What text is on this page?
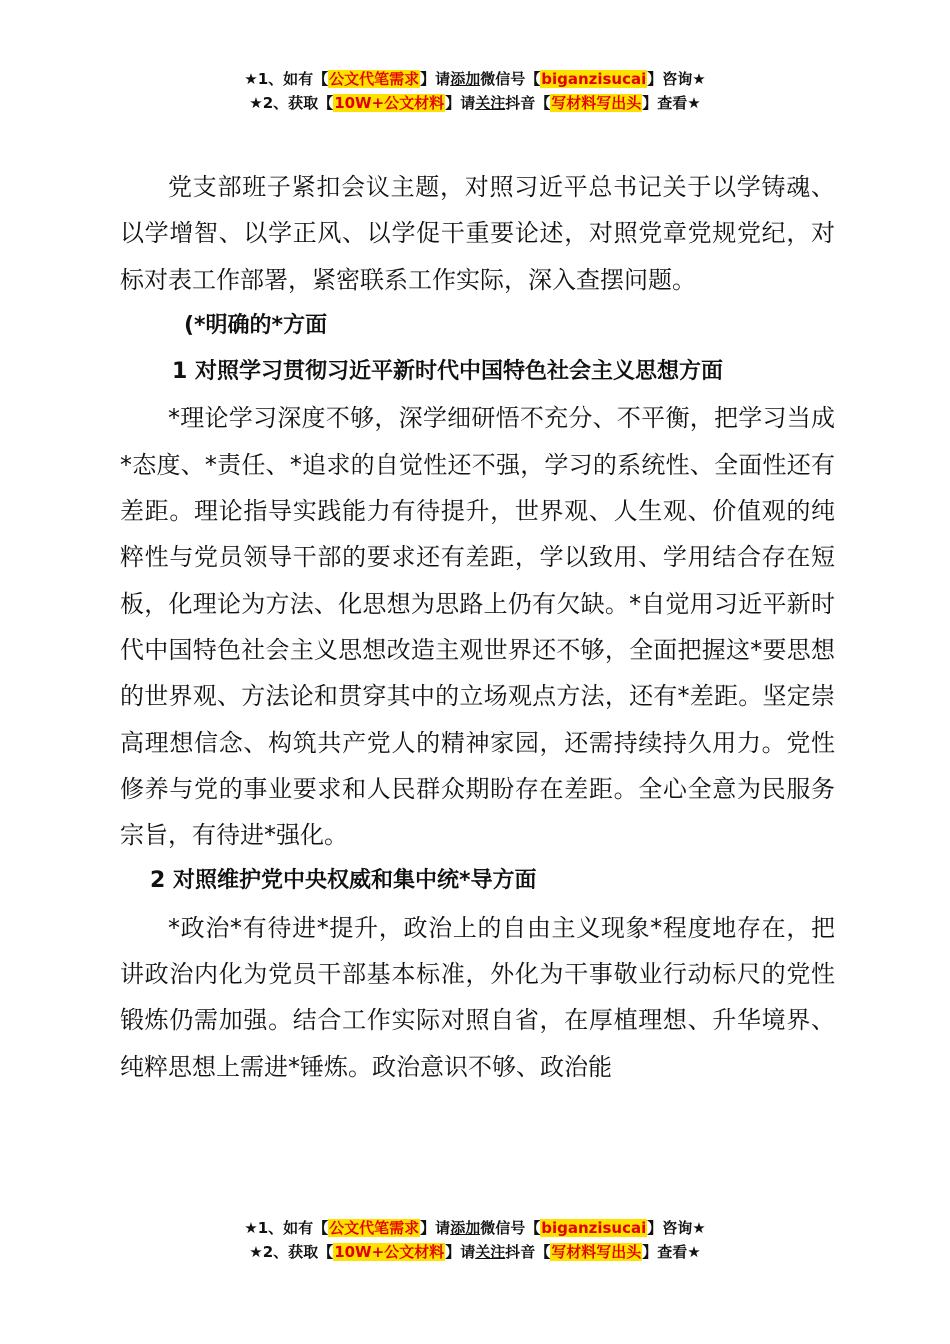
★1、如有【公文代笔需求】请添加微信号【biganzisucai】咨询★
★2、获取【10W+公文材料】请关注抖音【写材料写出头】查看★

党支部班子紧扣会议主题，对照习近平总书记关于以学铸魂、以学增智、以学正风、以学促干重要论述，对照党章党规党纪，对标对表工作部署，紧密联系工作实际，深入查摆问题。

(*明确的*方面
1 对照学习贯彻习近平新时代中国特色社会主义思想方面

*理论学习深度不够，深学细研悟不充分、不平衡，把学习当成*态度、*责任、*追求的自觉性还不强，学习的系统性、全面性还有差距。理论指导实践能力有待提升，世界观、人生观、价值观的纯粹性与党员领导干部的要求还有差距，学以致用、学用结合存在短板，化理论为方法、化思想为思路上仍有欠缺。*自觉用习近平新时代中国特色社会主义思想改造主观世界还不够，全面把握这*要思想的世界观、方法论和贯穿其中的立场观点方法，还有*差距。坚定崇高理想信念、构筑共产党人的精神家园，还需持续持久用力。党性修养与党的事业要求和人民群众期盼存在差距。全心全意为民服务宗旨，有待进*强化。

2 对照维护党中央权威和集中统*导方面

*政治*有待进*提升，政治上的自由主义现象*程度地存在，把讲政治内化为党员干部基本标准，外化为干事敬业行动标尺的党性锻炼仍需加强。结合工作实际对照自省，在厚植理想、升华境界、纯粹思想上需进*锤炼。政治意识不够、政治能

★1、如有【公文代笔需求】请添加微信号【biganzisucai】咨询★
★2、获取【10W+公文材料】请关注抖音【写材料写出头】查看★
